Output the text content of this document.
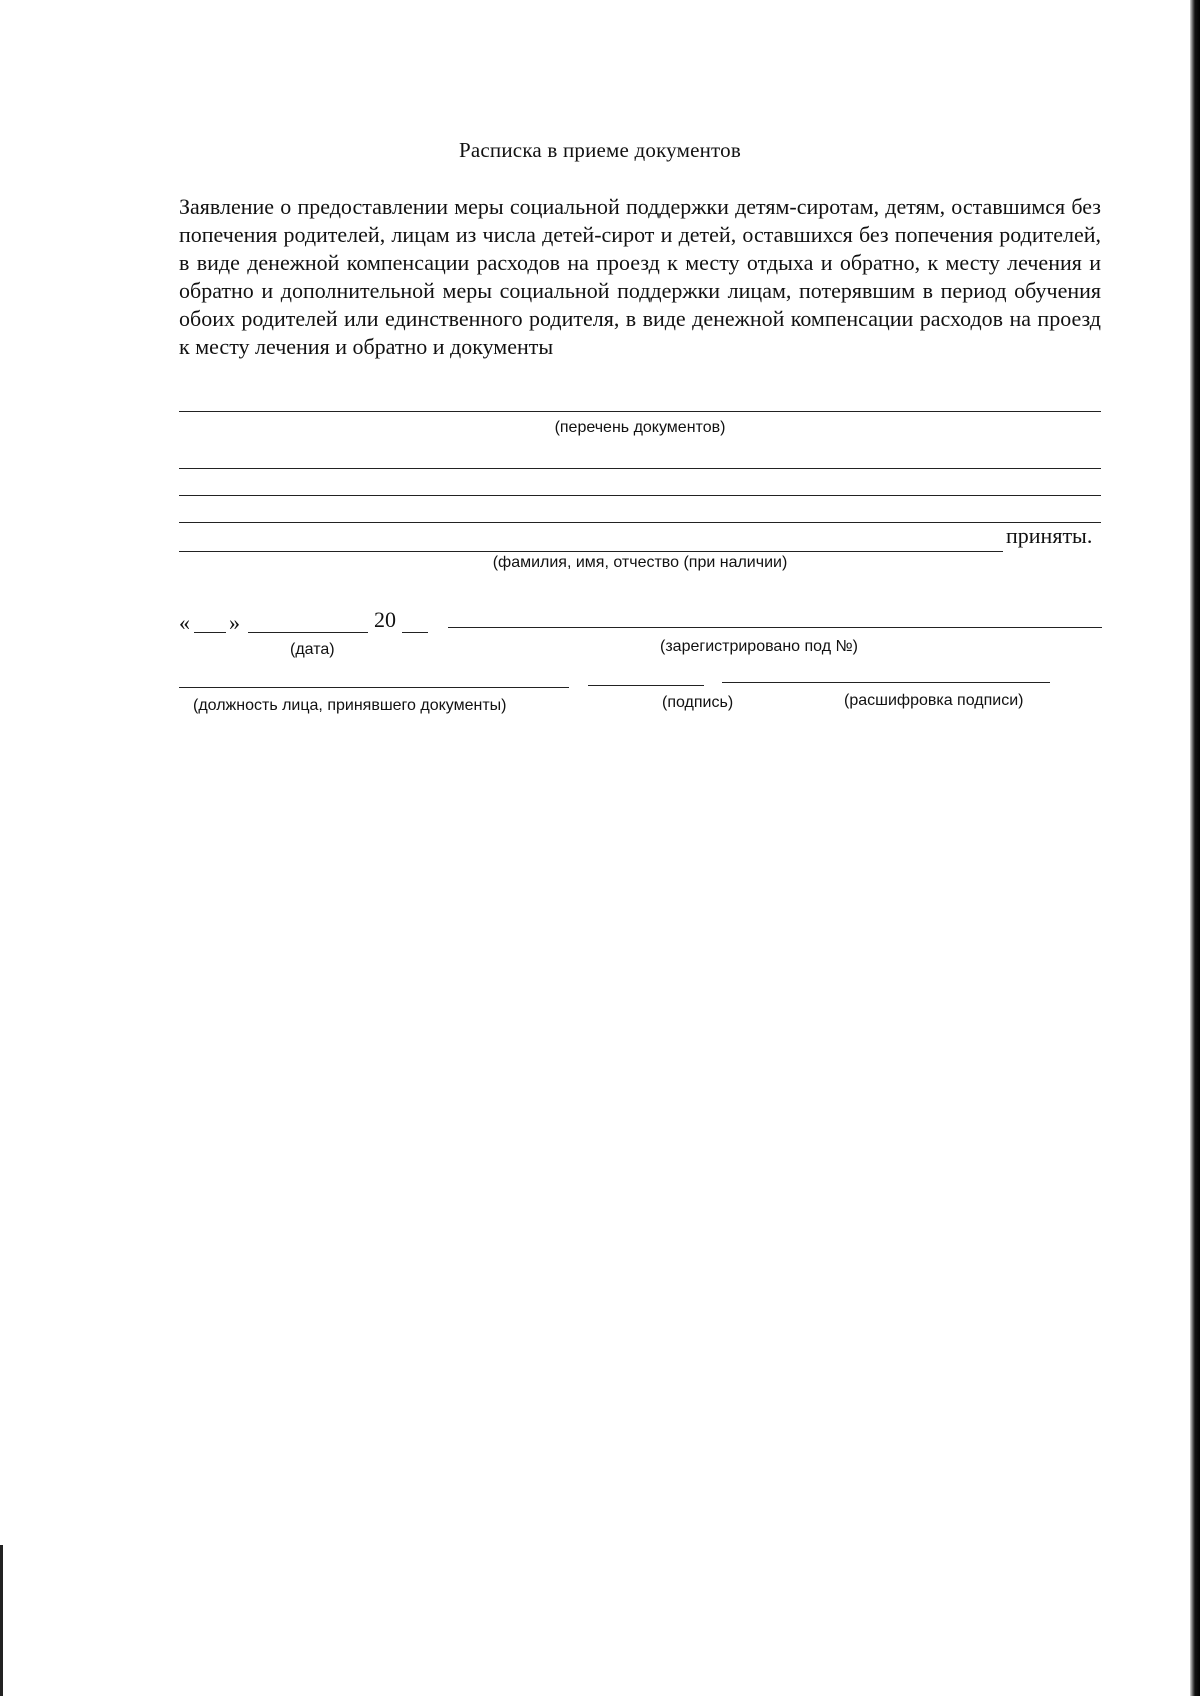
Расписка в приеме документов
Заявление о предоставлении меры социальной поддержки детям-сиротам, детям, оставшимся без попечения родителей, лицам из числа детей-сирот и детей, оставшихся без попечения родителей, в виде денежной компенсации расходов на проезд к месту отдыха и обратно, к месту лечения и обратно и дополнительной меры социальной поддержки лицам, потерявшим в период обучения обоих родителей или единственного родителя, в виде денежной компенсации расходов на проезд к месту лечения и обратно и документы
(перечень документов)
приняты.
(фамилия, имя, отчество (при наличии)
« »	20
(дата)	(зарегистрировано под №)
(должность лица, принявшего документы)	(подпись)	(расшифровка подписи)
